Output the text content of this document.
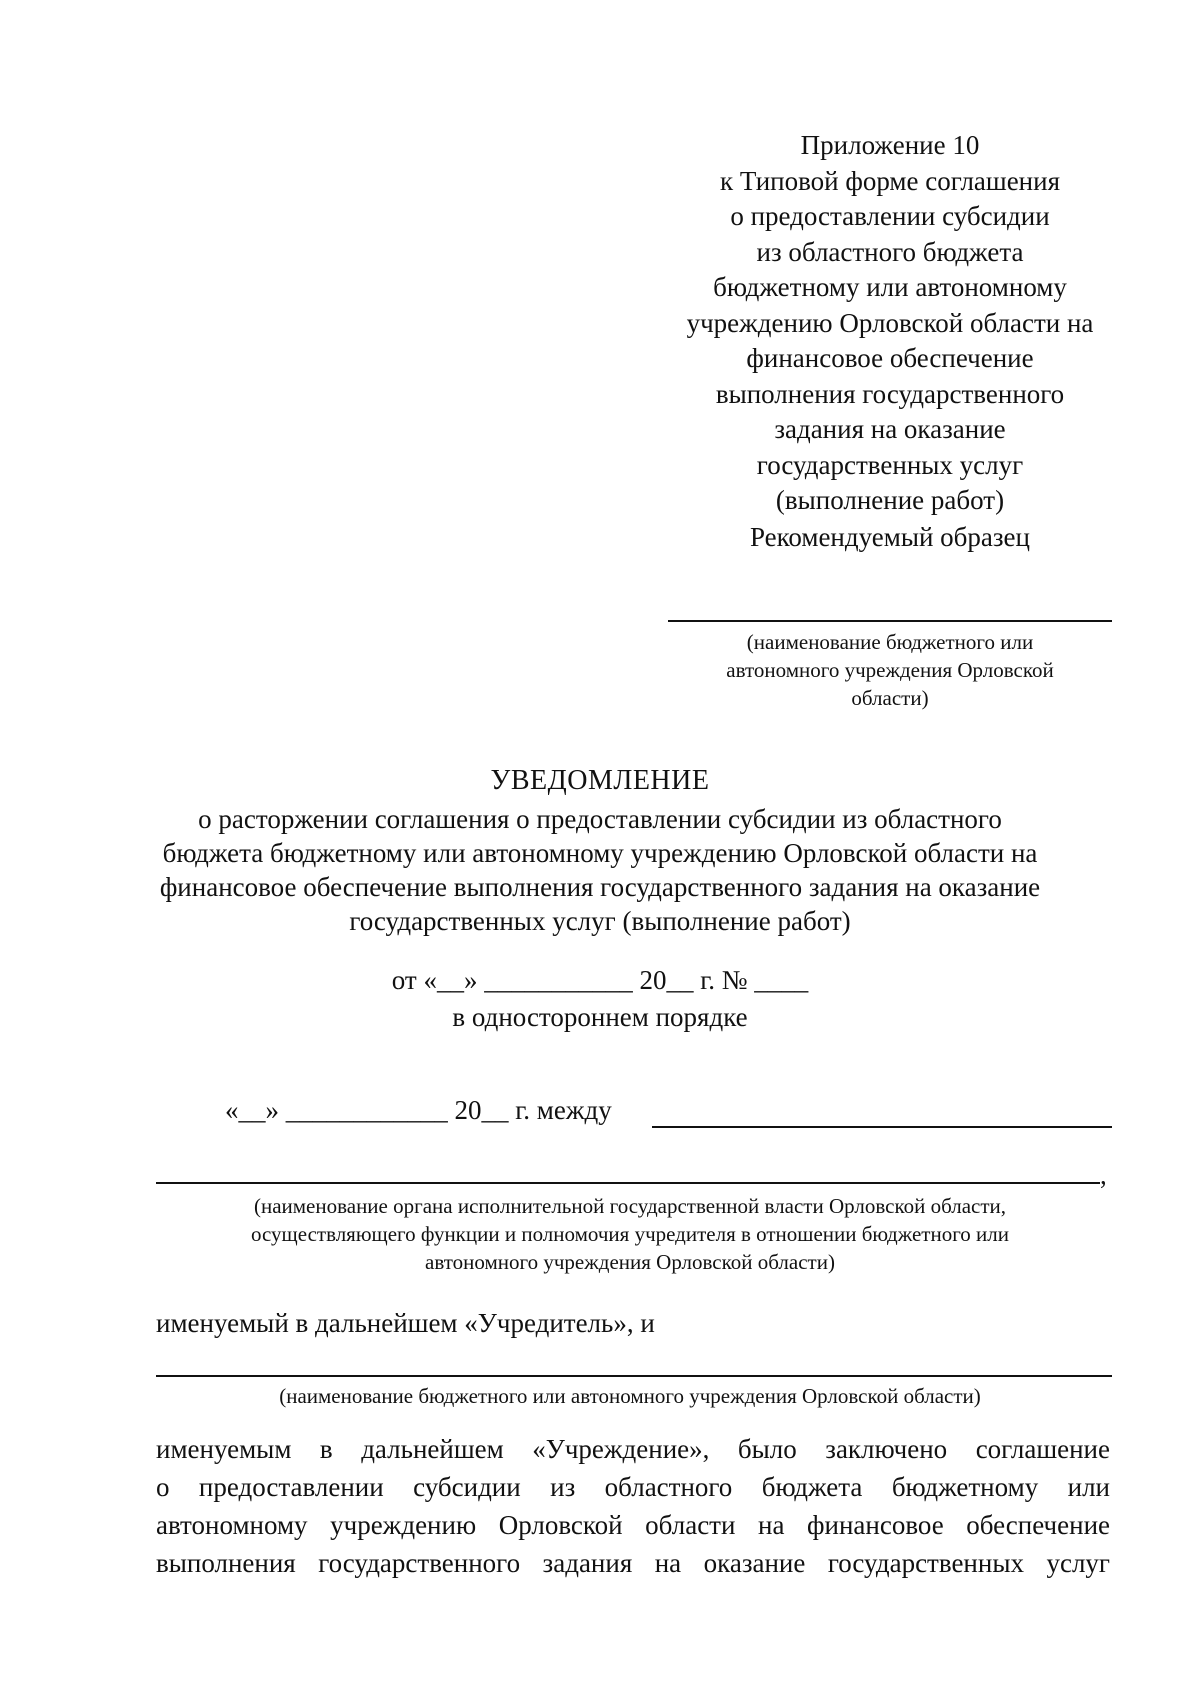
Приложение 10
к Типовой форме соглашения
о предоставлении субсидии
из областного бюджета
бюджетному или автономному
учреждению Орловской области на
финансовое обеспечение
выполнения государственного
задания на оказание
государственных услуг
(выполнение работ)
Рекомендуемый образец
(наименование бюджетного или
автономного учреждения Орловской
области)
УВЕДОМЛЕНИЕ
о расторжении соглашения о предоставлении субсидии из областного
бюджета бюджетному или автономному учреждению Орловской области на
финансовое обеспечение выполнения государственного задания на оказание
государственных услуг (выполнение работ)
от «__» ___________ 20__ г. № ____
в одностороннем порядке
«__» ____________ 20__ г. между
,
(наименование органа исполнительной государственной власти Орловской области,
осуществляющего функции и полномочия учредителя в отношении бюджетного или
автономного учреждения Орловской области)
именуемый в дальнейшем «Учредитель», и
(наименование бюджетного или автономного учреждения Орловской области)
именуемым в дальнейшем «Учреждение», было заключено соглашение
о предоставлении субсидии из областного бюджета бюджетному или
автономному учреждению Орловской области на финансовое обеспечение
выполнения государственного задания на оказание государственных услуг
